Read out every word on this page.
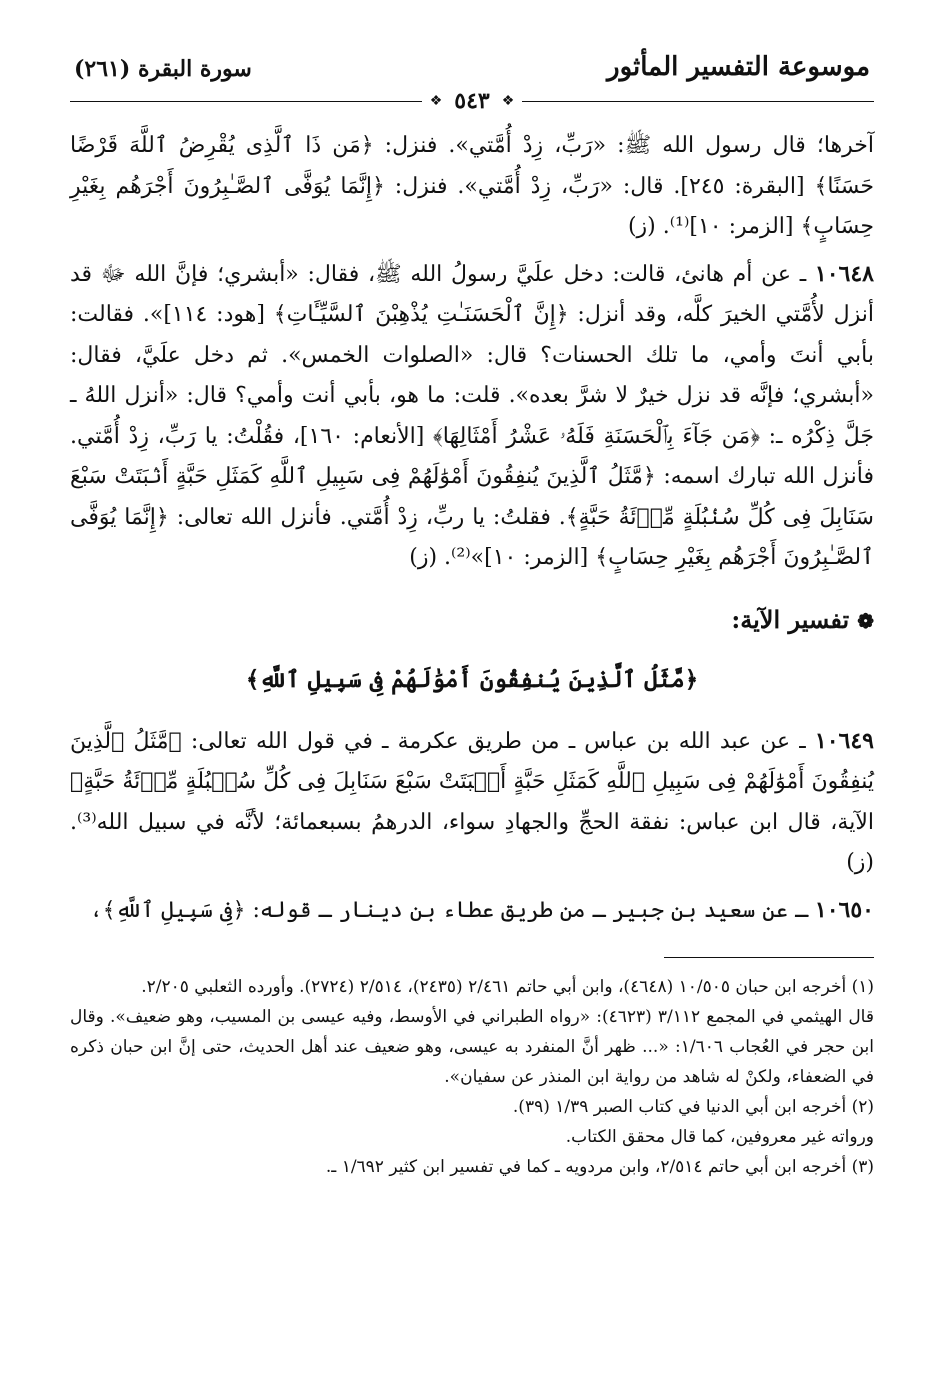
موسوعة التفسير المأثور
سورة البقرة (٢٦١)
❖
٥٤٣
❖

آخرها؛ قال رسول الله ﷺ: «رَبِّ، زِدْ أُمَّتي». فنزل: ﴿مَن ذَا ٱلَّذِى يُقْرِضُ ٱللَّهَ قَرْضًا حَسَنًا﴾ [البقرة: ٢٤٥]. قال: «رَبِّ، زِدْ أُمَّتي». فنزل: ﴿إِنَّمَا يُوَفَّى ٱلصَّـٰبِرُونَ أَجْرَهُم بِغَيْرِ حِسَابٍ﴾ [الزمر: ١٠]⁽¹⁾. (ز)

١٠٦٤٨ ـ عن أم هانئ، قالت: دخل علَيَّ رسولُ الله ﷺ، فقال: «أبشري؛ فإنَّ الله ﷻ قد أنزل لأُمَّتي الخيرَ كلَّه، وقد أنزل: ﴿إِنَّ ٱلْحَسَنَـٰتِ يُذْهِبْنَ ٱلسَّيِّـَٔاتِ﴾ [هود: ١١٤]». فقالت: بأبي أنتَ وأمي، ما تلك الحسنات؟ قال: «الصلوات الخمس». ثم دخل علَيَّ، فقال: «أبشري؛ فإنَّه قد نزل خيرٌ لا شرَّ بعده». قلت: ما هو، بأبي أنت وأمي؟ قال: «أنزل اللهُ ـ جَلَّ ذِكْرُه ـ: ﴿مَن جَآءَ بِٱلْحَسَنَةِ فَلَهُۥ عَشْرُ أَمْثَالِهَا﴾ [الأنعام: ١٦٠]، فقُلْتُ: يا رَبِّ، زِدْ أُمَّتي. فأنزل الله تبارك اسمه: ﴿مَّثَلُ ٱلَّذِينَ يُنفِقُونَ أَمْوَٰلَهُمْ فِى سَبِيلِ ٱللَّهِ كَمَثَلِ حَبَّةٍ أَنۢبَتَتْ سَبْعَ سَنَابِلَ فِى كُلِّ سُنۢبُلَةٍ مِّا۟ئَةُ حَبَّةٍ﴾. فقلتُ: يا ربِّ، زِدْ أُمَّتي. فأنزل الله تعالى: ﴿إِنَّمَا يُوَفَّى ٱلصَّـٰبِرُونَ أَجْرَهُم بِغَيْرِ حِسَابٍ﴾ [الزمر: ١٠]»⁽²⁾. (ز)

❁تفسير الآية:
﴿مَّثَلُ ٱلَّذِينَ يُنفِقُونَ أَمْوَٰلَهُمْ فِى سَبِيلِ ٱللَّهِ﴾

١٠٦٤٩ ـ عن عبد الله بن عباس ـ من طريق عكرمة ـ في قول الله تعالى: ﴿مَّثَلُ ٱلَّذِينَ يُنفِقُونَ أَمْوَٰلَهُمْ فِى سَبِيلِ ٱللَّهِ كَمَثَلِ حَبَّةٍ أَنۢبَتَتْ سَبْعَ سَنَابِلَ فِى كُلِّ سُنۢبُلَةٍ مِّا۟ئَةُ حَبَّةٍ﴾ الآية، قال ابن عباس: نفقة الحجِّ والجهادِ سواء، الدرهمُ بسبعمائة؛ لأنَّه في سبيل الله⁽³⁾. (ز)

١٠٦٥٠ ـ عن سعيد بن جبير ـ من طريق عطاء بن دينار ـ قوله: ﴿فِى سَبِيلِ ٱللَّهِ﴾،

(١) أخرجه ابن حبان ١٠/٥٠٥ (٤٦٤٨)، وابن أبي حاتم ٢/٤٦١ (٢٤٣٥)، ٢/٥١٤ (٢٧٢٤). وأورده الثعلبي ٢/٢٠٥.

قال الهيثمي في المجمع ٣/١١٢ (٤٦٢٣): «رواه الطبراني في الأوسط، وفيه عيسى بن المسيب، وهو ضعيف». وقال ابن حجر في العُجاب ١/٦٠٦: «... ظهر أنَّ المنفرد به عيسى، وهو ضعيف عند أهل الحديث، حتى إنَّ ابن حبان ذكره في الضعفاء، ولكنْ له شاهد من رواية ابن المنذر عن سفيان».

(٢) أخرجه ابن أبي الدنيا في كتاب الصبر ١/٣٩ (٣٩).

ورواته غير معروفين، كما قال محقق الكتاب.

(٣) أخرجه ابن أبي حاتم ٢/٥١٤، وابن مردويه ـ كما في تفسير ابن كثير ١/٦٩٢ ـ.
